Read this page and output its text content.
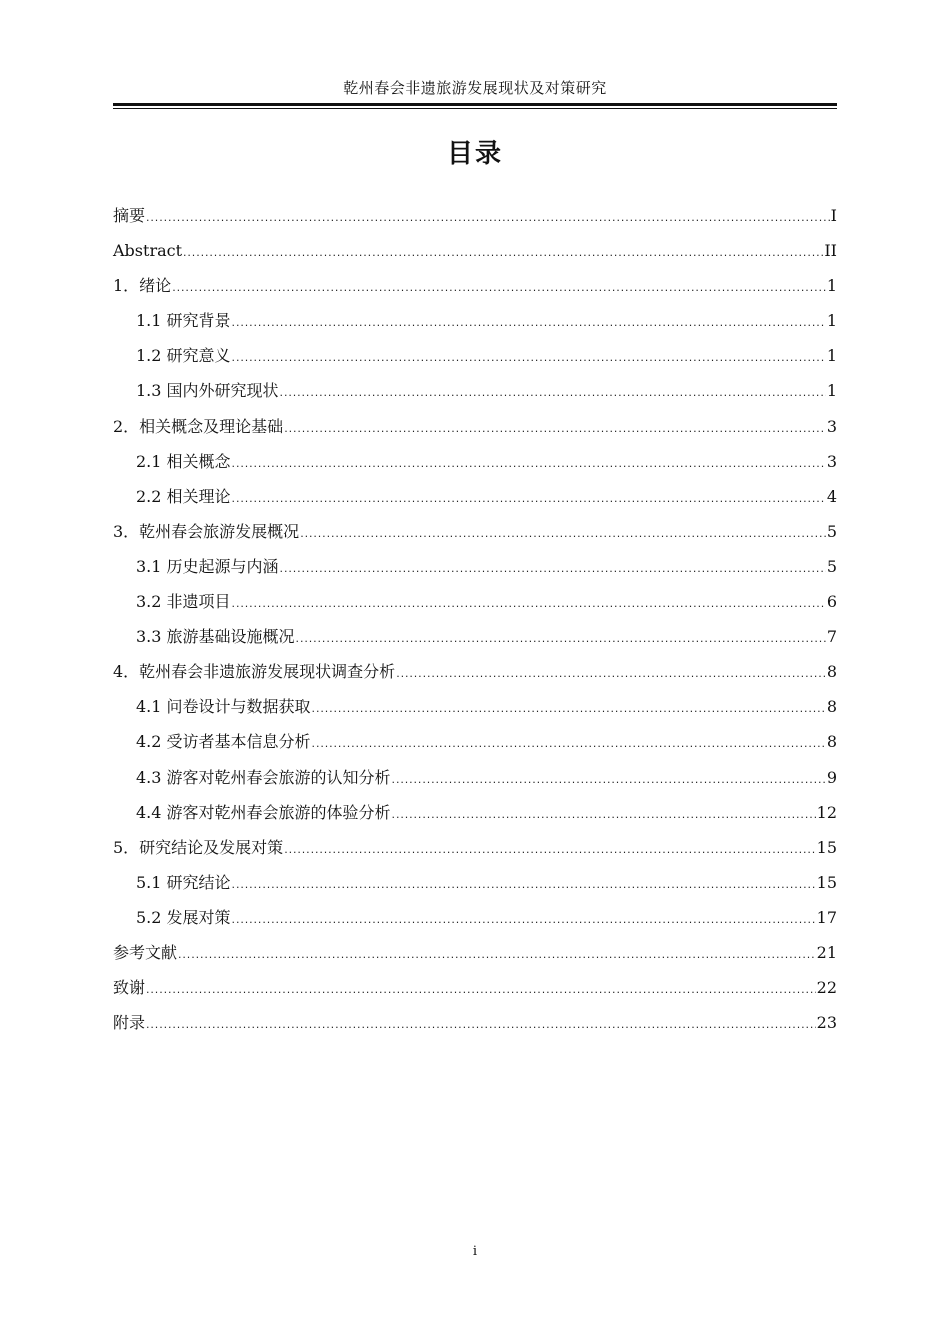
乾州春会非遗旅游发展现状及对策研究
目录
摘要 .....	I
Abstract .....	II
1．绪论 .....	1
1.1 研究背景 .....	1
1.2 研究意义 .....	1
1.3 国内外研究现状 .....	1
2．相关概念及理论基础 .....	3
2.1 相关概念 .....	3
2.2 相关理论 .....	4
3．乾州春会旅游发展概况 .....	5
3.1 历史起源与内涵 .....	5
3.2 非遗项目 .....	6
3.3 旅游基础设施概况 .....	7
4．乾州春会非遗旅游发展现状调查分析 .....	8
4.1 问卷设计与数据获取 .....	8
4.2 受访者基本信息分析 .....	8
4.3 游客对乾州春会旅游的认知分析 .....	9
4.4 游客对乾州春会旅游的体验分析 .....	12
5．研究结论及发展对策 .....	15
5.1 研究结论 .....	15
5.2 发展对策 .....	17
参考文献 .....	21
致谢 .....	22
附录 .....	23
i
